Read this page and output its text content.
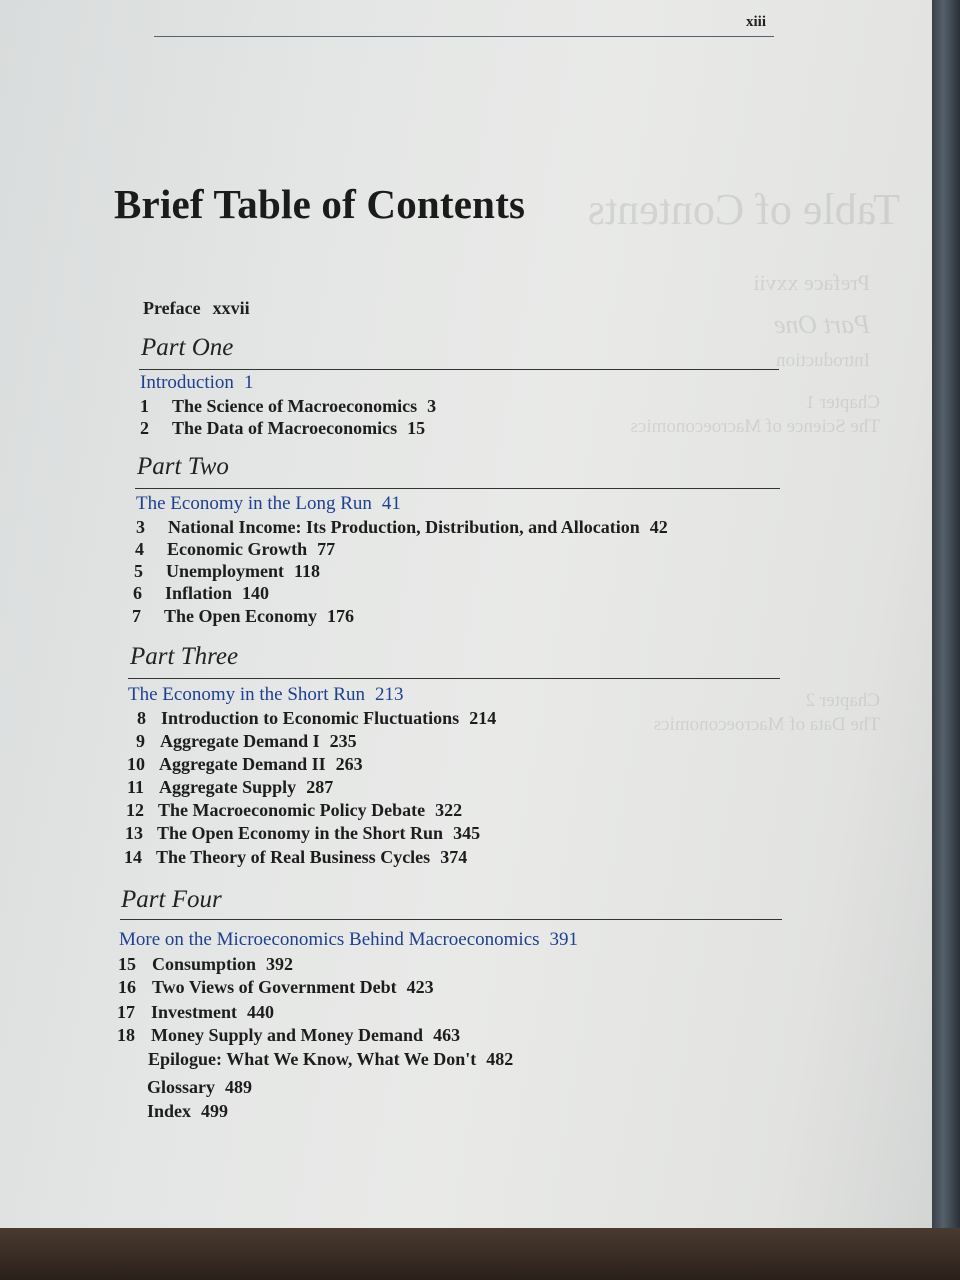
Table of Contents
Preface xxvii
Part One
Introduction
Chapter 1
The Science of Macroeconomics
Chapter 2
The Data of Macroeconomics
xiii
Brief Table of Contents
Preface xxvii
Part One
Introduction 1
1 The Science of Macroeconomics 3
2 The Data of Macroeconomics 15
Part Two
The Economy in the Long Run 41
3 National Income: Its Production, Distribution, and Allocation 42
4 Economic Growth 77
5 Unemployment 118
6 Inflation 140
7 The Open Economy 176
Part Three
The Economy in the Short Run 213
8 Introduction to Economic Fluctuations 214
9 Aggregate Demand I 235
10 Aggregate Demand II 263
11 Aggregate Supply 287
12 The Macroeconomic Policy Debate 322
13 The Open Economy in the Short Run 345
14 The Theory of Real Business Cycles 374
Part Four
More on the Microeconomics Behind Macroeconomics 391
15 Consumption 392
16 Two Views of Government Debt 423
17 Investment 440
18 Money Supply and Money Demand 463
Epilogue: What We Know, What We Don't 482
Glossary 489
Index 499
